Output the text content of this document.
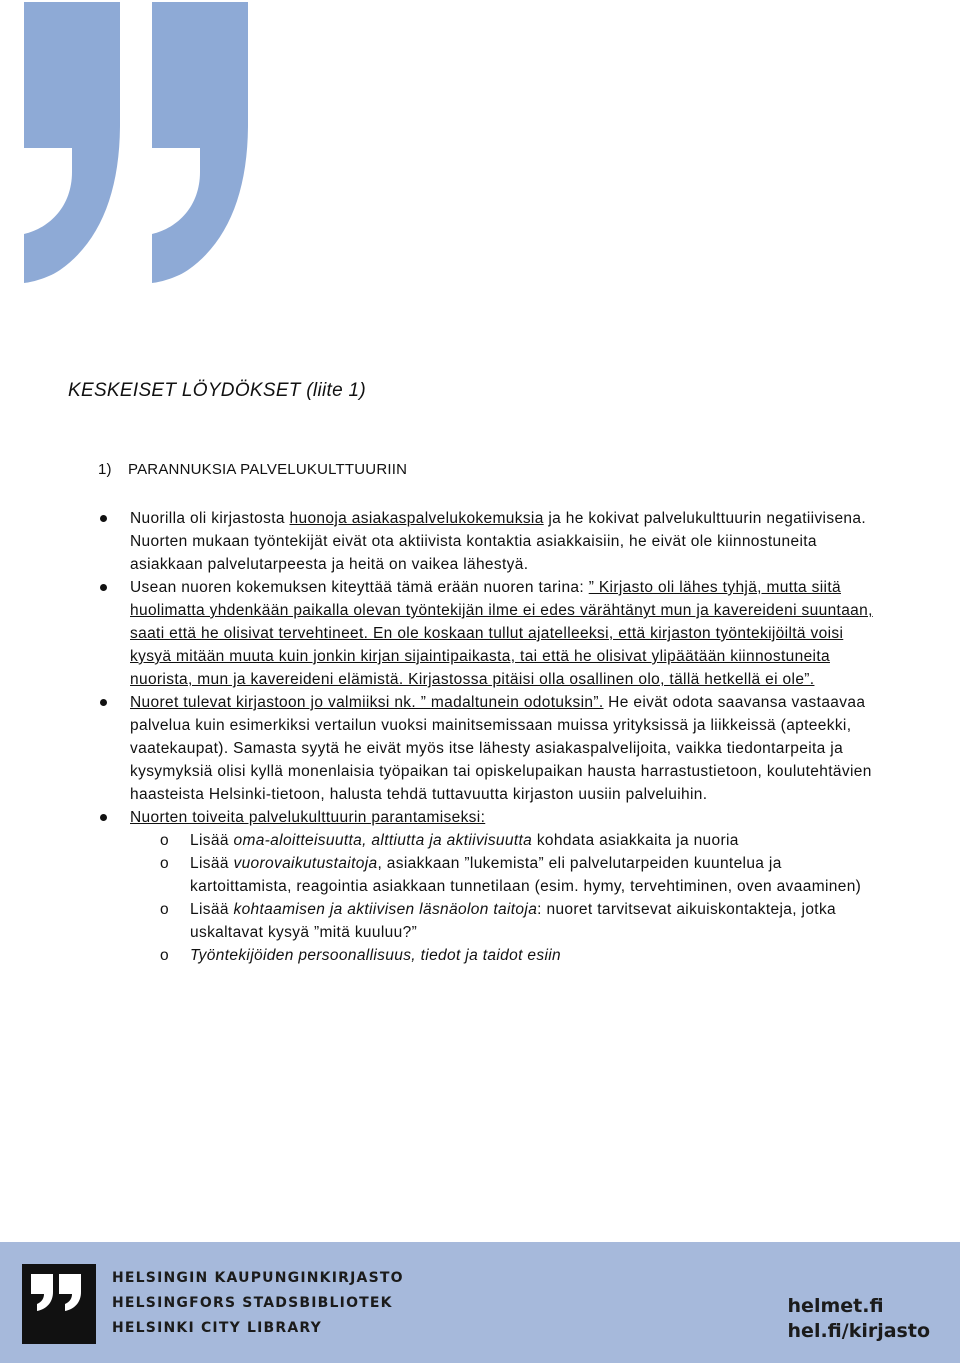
KESKEISET LÖYDÖKSET (liite 1)
1) PARANNUKSIA PALVELUKULTTUURIIN
Nuorilla oli kirjastosta huonoja asiakaspalvelukokemuksia ja he kokivat palvelukulttuurin negatiivisena. Nuorten mukaan työntekijät eivät ota aktiivista kontaktia asiakkaisiin, he eivät ole kiinnostuneita asiakkaan palvelutarpeesta ja heitä on vaikea lähestyä.
Usean nuoren kokemuksen kiteyttää tämä erään nuoren tarina: ” Kirjasto oli lähes tyhjä, mutta siitä huolimatta yhdenkään paikalla olevan työntekijän ilme ei edes värähtänyt mun ja kavereideni suuntaan, saati että he olisivat tervehtineet. En ole koskaan tullut ajatelleeksi, että kirjaston työntekijöiltä voisi kysyä mitään muuta kuin jonkin kirjan sijaintipaikasta, tai että he olisivat ylipäätään kiinnostuneita nuorista, mun ja kavereideni elämistä. Kirjastossa pitäisi olla osallinen olo, tällä hetkellä ei ole”.
Nuoret tulevat kirjastoon jo valmiiksi nk. ” madaltunein odotuksin”. He eivät odota saavansa vastaavaa palvelua kuin esimerkiksi vertailun vuoksi mainitsemissaan muissa yrityksissä ja liikkeissä (apteekki, vaatekaupat). Samasta syytä he eivät myös itse lähesty asiakaspalvelijoita, vaikka tiedontarpeita ja kysymyksiä olisi kyllä monenlaisia työpaikan tai opiskelupaikan hausta harrastustietoon, koulutehtävien haasteista Helsinki-tietoon, halusta tehdä tuttavuutta kirjaston uusiin palveluihin.
Nuorten toiveita palvelukulttuurin parantamiseksi:
o Lisää oma-aloitteisuutta, alttiutta ja aktiivisuutta kohdata asiakkaita ja nuoria
o Lisää vuorovaikutustaitoja, asiakkaan ”lukemista” eli palvelutarpeiden kuuntelua ja kartoittamista, reagointia asiakkaan tunnetilaan (esim. hymy, tervehtiminen, oven avaaminen)
o Lisää kohtaamisen ja aktiivisen läsnäolon taitoja: nuoret tarvitsevat aikuiskontakteja, jotka uskaltavat kysyä ”mitä kuuluu?”
o Työntekijöiden persoonallisuus, tiedot ja taidot esiin
HELSINGIN KAUPUNGINKIRJASTO
HELSINGFORS STADSBIBLIOTEK
HELSINKI CITY LIBRARY
helmet.fi
hel.fi/kirjasto
